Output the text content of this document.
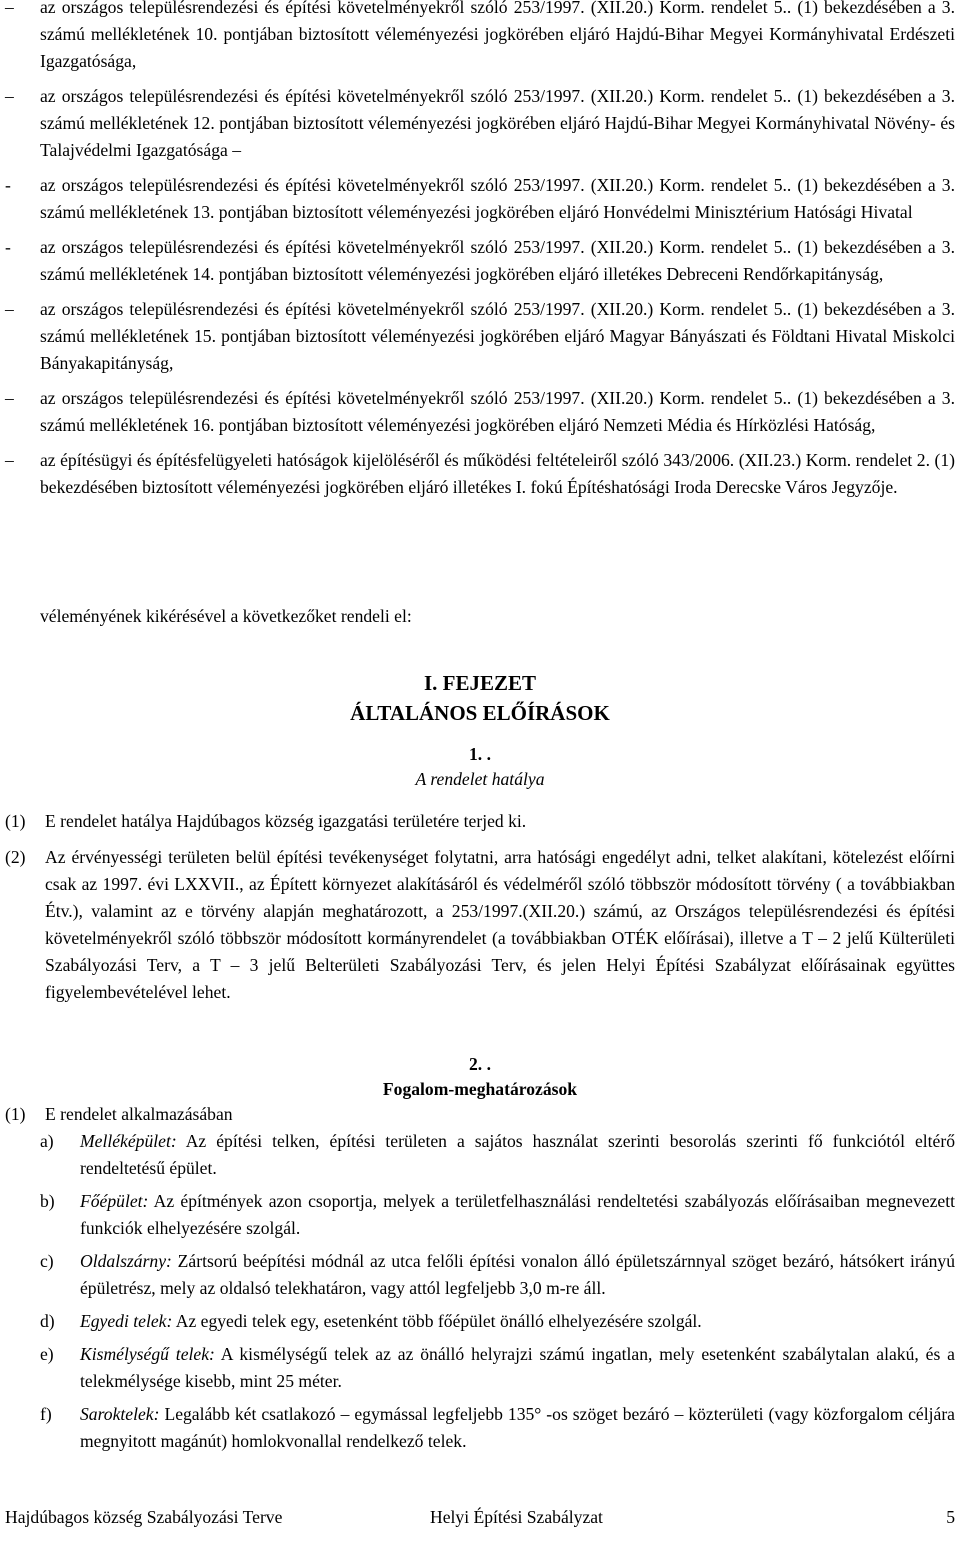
– az országos településrendezési és építési követelményekről szóló 253/1997. (XII.20.) Korm. rendelet 5.. (1) bekezdésében a 3. számú mellékletének 10. pontjában biztosított véleményezési jogkörében eljáró Hajdú-Bihar Megyei Kormányhivatal Erdészeti Igazgatósága,
– az országos településrendezési és építési követelményekről szóló 253/1997. (XII.20.) Korm. rendelet 5.. (1) bekezdésében a 3. számú mellékletének 12. pontjában biztosított véleményezési jogkörében eljáró Hajdú-Bihar Megyei Kormányhivatal Növény- és Talajvédelmi Igazgatósága –
- az országos településrendezési és építési követelményekről szóló 253/1997. (XII.20.) Korm. rendelet 5.. (1) bekezdésében a 3. számú mellékletének 13. pontjában biztosított véleményezési jogkörében eljáró Honvédelmi Minisztérium Hatósági Hivatal
- az országos településrendezési és építési követelményekről szóló 253/1997. (XII.20.) Korm. rendelet 5.. (1) bekezdésében a 3. számú mellékletének 14. pontjában biztosított véleményezési jogkörében eljáró illetékes Debreceni Rendőrkapitányság,
– az országos településrendezési és építési követelményekről szóló 253/1997. (XII.20.) Korm. rendelet 5.. (1) bekezdésében a 3. számú mellékletének 15. pontjában biztosított véleményezési jogkörében eljáró Magyar Bányászati és Földtani Hivatal Miskolci Bányakapitányság,
– az országos településrendezési és építési követelményekről szóló 253/1997. (XII.20.) Korm. rendelet 5.. (1) bekezdésében a 3. számú mellékletének 16. pontjában biztosított véleményezési jogkörében eljáró Nemzeti Média és Hírközlési Hatóság,
– az építésügyi és építésfelügyeleti hatóságok kijelöléséről és működési feltételeiről szóló 343/2006. (XII.23.) Korm. rendelet 2. (1) bekezdésében biztosított véleményezési jogkörében eljáró illetékes I. fokú Építéshatósági Iroda Derecske Város Jegyzője.

véleményének kikérésével a következőket rendeli el:

I. FEJEZET

ÁLTALÁNOS ELŐÍRÁSOK

1. .

A rendelet hatálya

(1) E rendelet hatálya Hajdúbagos község igazgatási területére terjed ki.
(2) Az érvényességi területen belül építési tevékenységet folytatni, arra hatósági engedélyt adni, telket alakítani, kötelezést előírni csak az 1997. évi LXXVII., az Épített környezet alakításáról és védelméről szóló többször módosított törvény ( a továbbiakban Étv.), valamint az e törvény alapján meghatározott, a 253/1997.(XII.20.) számú, az Országos településrendezési és építési követelményekről szóló többször módosított kormányrendelet (a továbbiakban OTÉK előírásai), illetve a T – 2 jelű Külterületi Szabályozási Terv, a T – 3 jelű Belterületi Szabályozási Terv, és jelen Helyi Építési Szabályzat előírásainak együttes figyelembevételével lehet.

2. .

Fogalom-meghatározások

(1) E rendelet alkalmazásában
a) Melléképület: Az építési telken, építési területen a sajátos használat szerinti besorolás szerinti fő funkciótól eltérő rendeltetésű épület.
b) Főépület: Az építmények azon csoportja, melyek a területfelhasználási rendeltetési szabályozás előírásaiban megnevezett funkciók elhelyezésére szolgál.
c) Oldalszárny: Zártsorú beépítési módnál az utca felőli építési vonalon álló épületszárnnyal szöget bezáró, hátsókert irányú épületrész, mely az oldalsó telekhatáron, vagy attól legfeljebb 3,0 m-re áll.
d) Egyedi telek: Az egyedi telek egy, esetenként több főépület önálló elhelyezésére szolgál.
e) Kismélységű telek: A kismélységű telek az az önálló helyrajzi számú ingatlan, mely esetenként szabálytalan alakú, és a telekmélysége kisebb, mint 25 méter.
f) Saroktelek: Legalább két csatlakozó – egymással legfeljebb 135° -os szöget bezáró – közterületi (vagy közforgalom céljára megnyitott magánút) homlokvonallal rendelkező telek.
Hajdúbagos község Szabályozási Terve	Helyi Építési Szabályzat	5
